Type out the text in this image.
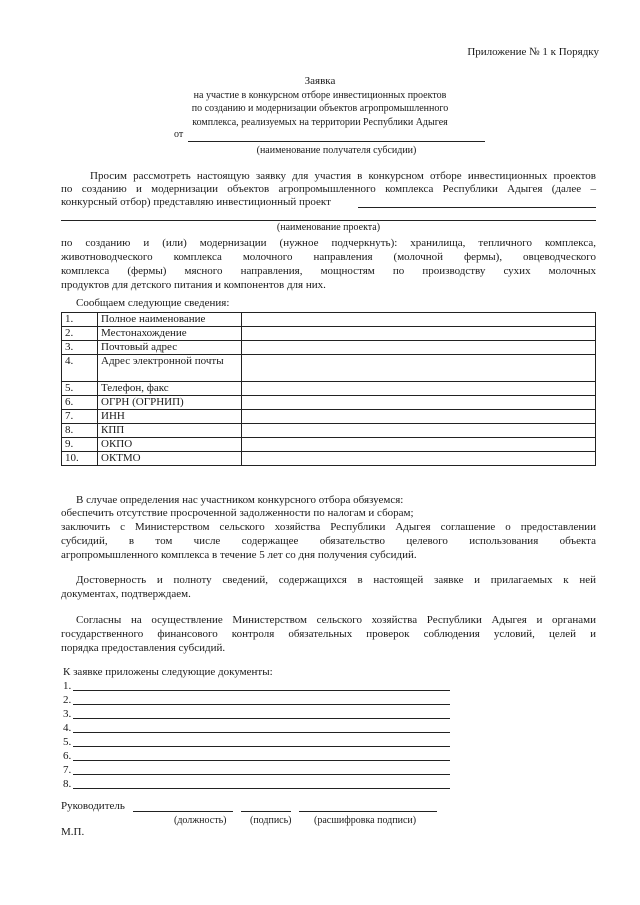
Приложение № 1 к Порядку
Заявка
на участие в конкурсном отборе инвестиционных проектов
по созданию и модернизации объектов агропромышленного
комплекса, реализуемых на территории Республики Адыгея
от
(наименование получателя субсидии)
Просим рассмотреть настоящую заявку для участия в конкурсном отборе инвестиционных проектов
по созданию и модернизации объектов агропромышленного комплекса Республики Адыгея (далее –
конкурсный отбор) представляю инвестиционный проект
(наименование проекта)
по созданию и (или) модернизации (нужное подчеркнуть): хранилища, тепличного комплекса,
животноводческого комплекса молочного направления (молочной фермы), овцеводческого
комплекса (фермы) мясного направления, мощностям по производству сухих молочных
продуктов для детского питания и компонентов для них.
Сообщаем следующие сведения:
1.	Полное наименование	
2.	Местонахождение	
3.	Почтовый адрес	
4.	Адрес электронной почты	
5.	Телефон, факс	
6.	ОГРН (ОГРНИП)	
7.	ИНН	
8.	КПП	
9.	ОКПО	
10.	ОКТМО	
В случае определения нас участником конкурсного отбора обязуемся:
обеспечить отсутствие просроченной задолженности по налогам и сборам;
заключить с Министерством сельского хозяйства Республики Адыгея соглашение о предоставлении
субсидий, в том числе содержащее обязательство целевого использования объекта
агропромышленного комплекса в течение 5 лет со дня получения субсидий.
Достоверность и полноту сведений, содержащихся в настоящей заявке и прилагаемых к ней
документах, подтверждаем.
Согласны на осуществление Министерством сельского хозяйства Республики Адыгея и органами
государственного финансового контроля обязательных проверок соблюдения условий, целей и
порядка предоставления субсидий.
К заявке приложены следующие документы:
1.
2.
3.
4.
5.
6.
7.
8.
Руководитель
(должность) (подпись) (расшифровка подписи)
М.П.
